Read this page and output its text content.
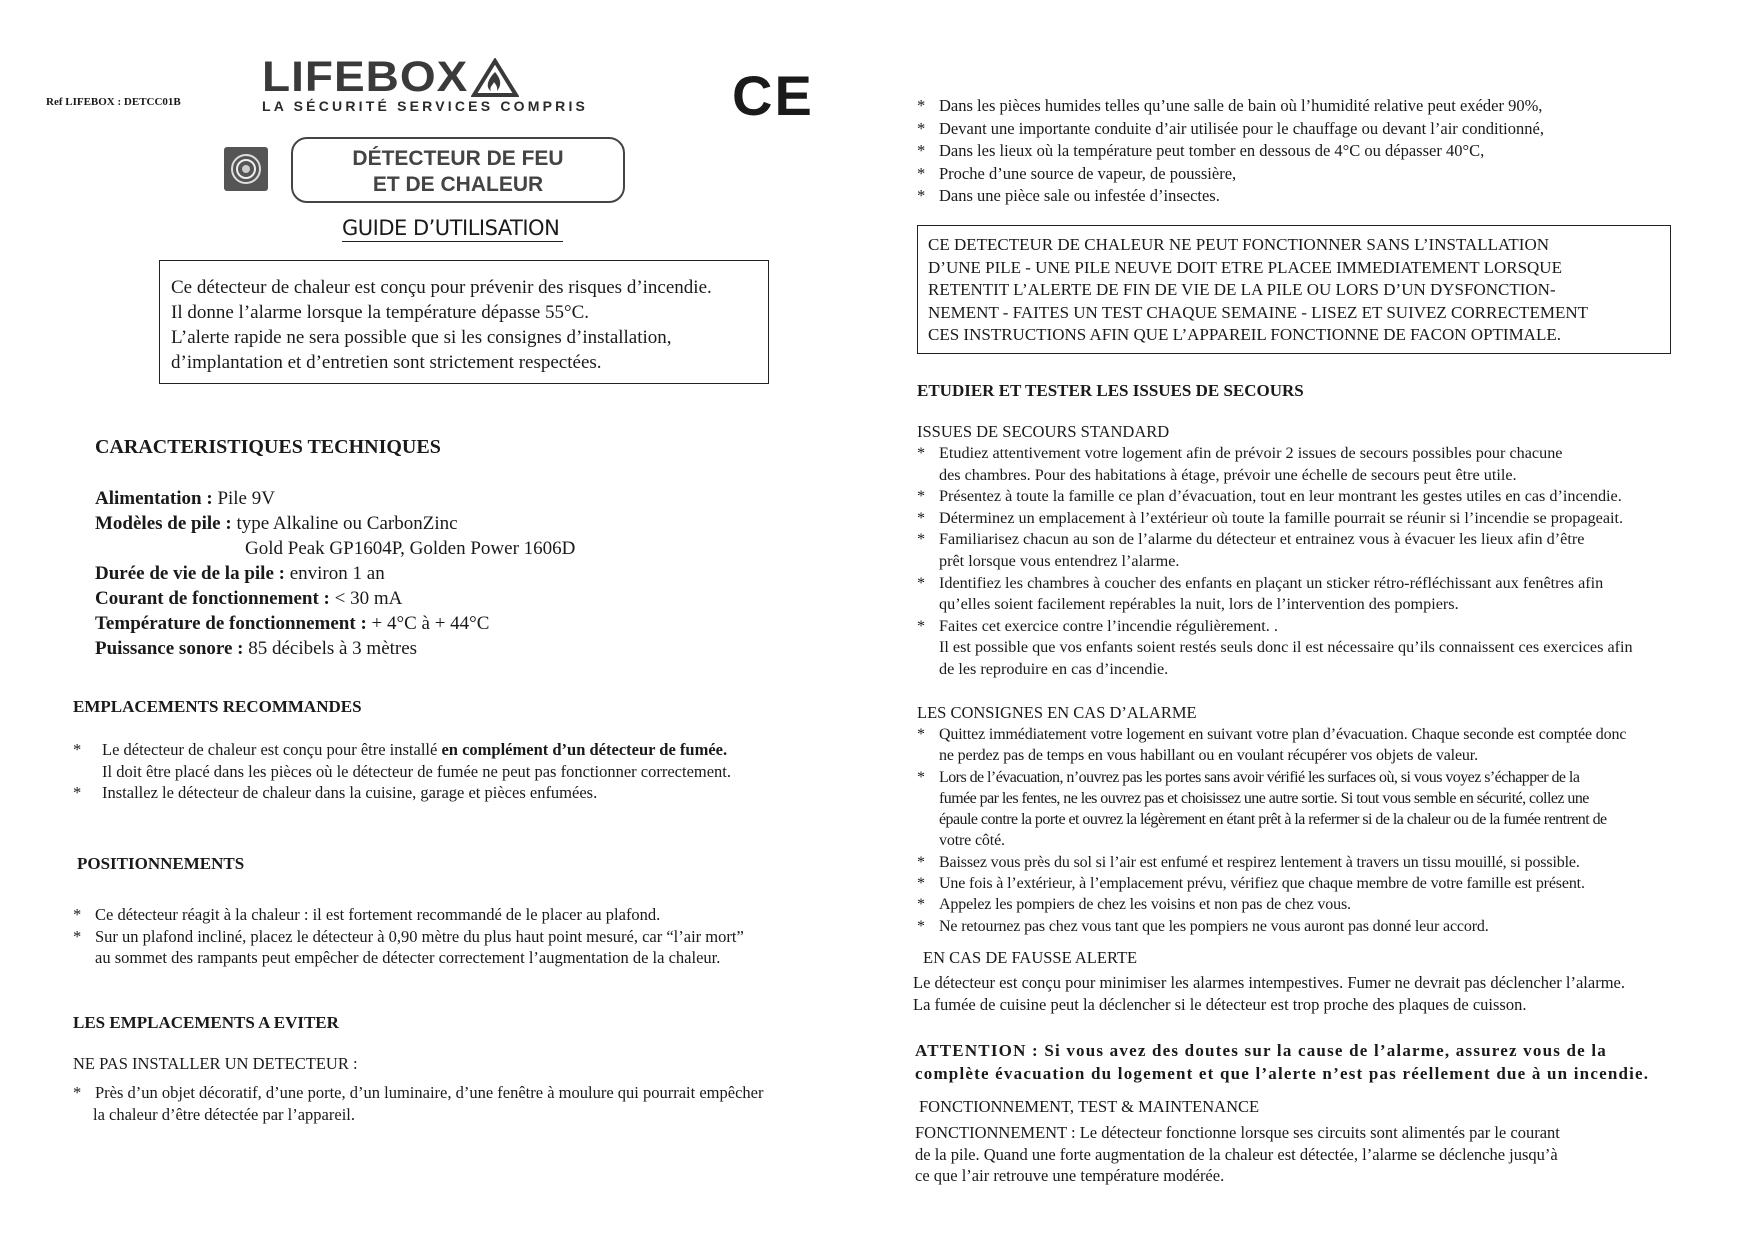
Ref LIFEBOX : DETCC01B
LIFEBOX
LA SÉCURITÉ SERVICES COMPRIS	CE
DÉTECTEUR DE FEU
ET DE CHALEUR
GUIDE D’UTILISATION
Ce détecteur de chaleur est conçu pour prévenir des risques d’incendie.
Il donne l’alarme lorsque la température dépasse 55°C.
L’alerte rapide ne sera possible que si les consignes d’installation,
d’implantation et d’entretien sont strictement respectées.
CARACTERISTIQUES TECHNIQUES
Alimentation : Pile 9V
Modèles de pile : type Alkaline ou CarbonZinc
Gold Peak GP1604P, Golden Power 1606D
Durée de vie de la pile : environ 1 an
Courant de fonctionnement : < 30 mA
Température de fonctionnement : + 4°C à + 44°C
Puissance sonore : 85 décibels à 3 mètres
EMPLACEMENTS RECOMMANDES
* Le détecteur de chaleur est conçu pour être installé en complément d’un détecteur de fumée.
Il doit être placé dans les pièces où le détecteur de fumée ne peut pas fonctionner correctement.
* Installez le détecteur de chaleur dans la cuisine, garage et pièces enfumées.
POSITIONNEMENTS
* Ce détecteur réagit à la chaleur : il est fortement recommandé de le placer au plafond.
* Sur un plafond incliné, placez le détecteur à 0,90 mètre du plus haut point mesuré, car “l’air mort”
au sommet des rampants peut empêcher de détecter correctement l’augmentation de la chaleur.
LES EMPLACEMENTS A EVITER
NE PAS INSTALLER UN DETECTEUR :
* Près d’un objet décoratif, d’une porte, d’un luminaire, d’une fenêtre à moulure qui pourrait empêcher
la chaleur d’être détectée par l’appareil.
* Dans les pièces humides telles qu’une salle de bain où l’humidité relative peut exéder 90%,
* Devant une importante conduite d’air utilisée pour le chauffage ou devant l’air conditionné,
* Dans les lieux où la température peut tomber en dessous de 4°C ou dépasser 40°C,
* Proche d’une source de vapeur, de poussière,
* Dans une pièce sale ou infestée d’insectes.
CE DETECTEUR DE CHALEUR NE PEUT FONCTIONNER SANS L’INSTALLATION
D’UNE PILE - UNE PILE NEUVE DOIT ETRE PLACEE IMMEDIATEMENT LORSQUE
RETENTIT L’ALERTE DE FIN DE VIE DE LA PILE OU LORS D’UN DYSFONCTION-
NEMENT - FAITES UN TEST CHAQUE SEMAINE - LISEZ ET SUIVEZ CORRECTEMENT
CES INSTRUCTIONS AFIN QUE L’APPAREIL FONCTIONNE DE FACON OPTIMALE.
ETUDIER ET TESTER LES ISSUES DE SECOURS
ISSUES DE SECOURS STANDARD
* Etudiez attentivement votre logement afin de prévoir 2 issues de secours possibles pour chacune
des chambres. Pour des habitations à étage, prévoir une échelle de secours peut être utile.
* Présentez à toute la famille ce plan d’évacuation, tout en leur montrant les gestes utiles en cas d’incendie.
* Déterminez un emplacement à l’extérieur où toute la famille pourrait se réunir si l’incendie se propageait.
* Familiarisez chacun au son de l’alarme du détecteur et entrainez vous à évacuer les lieux afin d’être
prêt lorsque vous entendrez l’alarme.
* Identifiez les chambres à coucher des enfants en plaçant un sticker rétro-réfléchissant aux fenêtres afin
qu’elles soient facilement repérables la nuit, lors de l’intervention des pompiers.
* Faites cet exercice contre l’incendie régulièrement. .
Il est possible que vos enfants soient restés seuls donc il est nécessaire qu’ils connaissent ces exercices afin
de les reproduire en cas d’incendie.
LES CONSIGNES EN CAS D’ALARME
* Quittez immédiatement votre logement en suivant votre plan d’évacuation. Chaque seconde est comptée donc
ne perdez pas de temps en vous habillant ou en voulant récupérer vos objets de valeur.
* Lors de l’évacuation, n’ouvrez pas les portes sans avoir vérifié les surfaces où, si vous voyez s’échapper de la
fumée par les fentes, ne les ouvrez pas et choisissez une autre sortie. Si tout vous semble en sécurité, collez une
épaule contre la porte et ouvrez la légèrement en étant prêt à la refermer si de la chaleur ou de la fumée rentrent de
votre côté.
* Baissez vous près du sol si l’air est enfumé et respirez lentement à travers un tissu mouillé, si possible.
* Une fois à l’extérieur, à l’emplacement prévu, vérifiez que chaque membre de votre famille est présent.
* Appelez les pompiers de chez les voisins et non pas de chez vous.
* Ne retournez pas chez vous tant que les pompiers ne vous auront pas donné leur accord.
EN CAS DE FAUSSE ALERTE
Le détecteur est conçu pour minimiser les alarmes intempestives. Fumer ne devrait pas déclencher l’alarme.
La fumée de cuisine peut la déclencher si le détecteur est trop proche des plaques de cuisson.
ATTENTION : Si vous avez des doutes sur la cause de l’alarme, assurez vous de la
complète évacuation du logement et que l’alerte n’est pas réellement due à un incendie.
FONCTIONNEMENT, TEST & MAINTENANCE
FONCTIONNEMENT : Le détecteur fonctionne lorsque ses circuits sont alimentés par le courant
de la pile. Quand une forte augmentation de la chaleur est détectée, l’alarme se déclenche jusqu’à
ce que l’air retrouve une température modérée.
